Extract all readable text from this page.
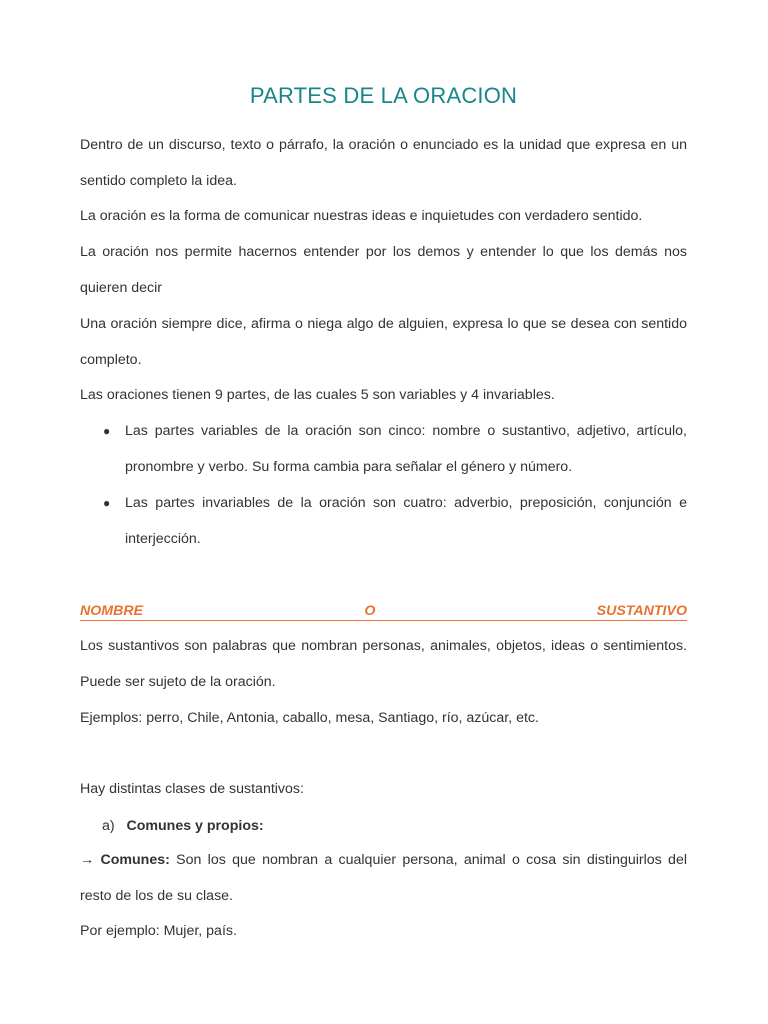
PARTES DE LA ORACION

Dentro de un discurso, texto o párrafo, la oración o enunciado es la unidad que expresa en un sentido completo la idea.

La oración es la forma de comunicar nuestras ideas e inquietudes con verdadero sentido.

La oración nos permite hacernos entender por los demos y entender lo que los demás nos quieren decir

Una oración siempre dice, afirma o niega algo de alguien, expresa lo que se desea con sentido completo.

Las oraciones tienen 9 partes, de las cuales 5 son variables y 4 invariables.

● Las partes variables de la oración son cinco: nombre o sustantivo, adjetivo, artículo, pronombre y verbo. Su forma cambia para señalar el género y número.
● Las partes invariables de la oración son cuatro: adverbio, preposición, conjunción e interjección.
NOMBRE	O	SUSTANTIVO

Los sustantivos son palabras que nombran personas, animales, objetos, ideas o sentimientos. Puede ser sujeto de la oración.

Ejemplos: perro, Chile, Antonia, caballo, mesa, Santiago, río, azúcar, etc.

Hay distintas clases de sustantivos:

a) Comunes y propios:

→ Comunes: Son los que nombran a cualquier persona, animal o cosa sin distinguirlos del resto de los de su clase.

Por ejemplo: Mujer, país.
